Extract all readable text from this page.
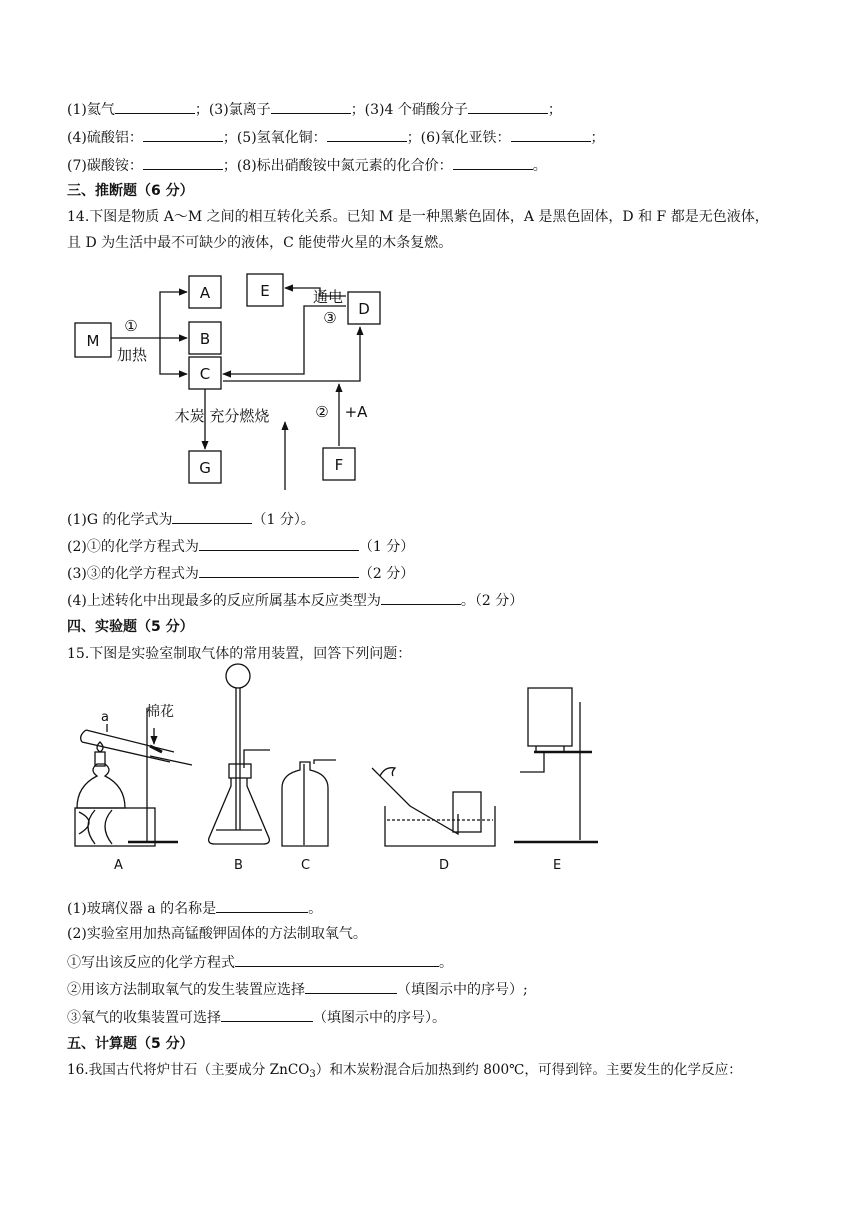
(1)氦气	；(3)氯离子	；(3)4 个硝酸分子	；
(4)硫酸铝：	；(5)氢氧化铜：	；(6)氧化亚铁：	；
(7)碳酸铵：	；(8)标出硝酸铵中氮元素的化合价：	。
三、推断题（6 分）
14.下图是物质 A～M 之间的相互转化关系。已知 M 是一种黑紫色固体，A 是黑色固体，D 和 F 都是无色液体，
且 D 为生活中最不可缺少的液体，C 能使带火星的木条复燃。
M
A
B
C
E
D
G	F
①
加热
通电
③
② +A
木炭 充分燃烧
(1)G 的化学式为	（1 分）。
(2)①的化学方程式为	（1 分）
(3)③的化学方程式为	（2 分）
(4)上述转化中出现最多的反应所属基本反应类型为	。（2 分）
四、实验题（5 分）
15.下图是实验室制取气体的常用装置，回答下列问题：
a	棉花
A	B	C	D	E
(1)玻璃仪器 a 的名称是	。
(2)实验室用加热高锰酸钾固体的方法制取氧气。
①写出该反应的化学方程式	。
②用该方法制取氧气的发生装置应选择	（填图示中的序号）;
③氧气的收集装置可选择	（填图示中的序号）。
五、计算题（5 分）
16.我国古代将炉甘石（主要成分 ZnCO$_3$）和木炭粉混合后加热到约 800℃，可得到锌。主要发生的化学反应：
